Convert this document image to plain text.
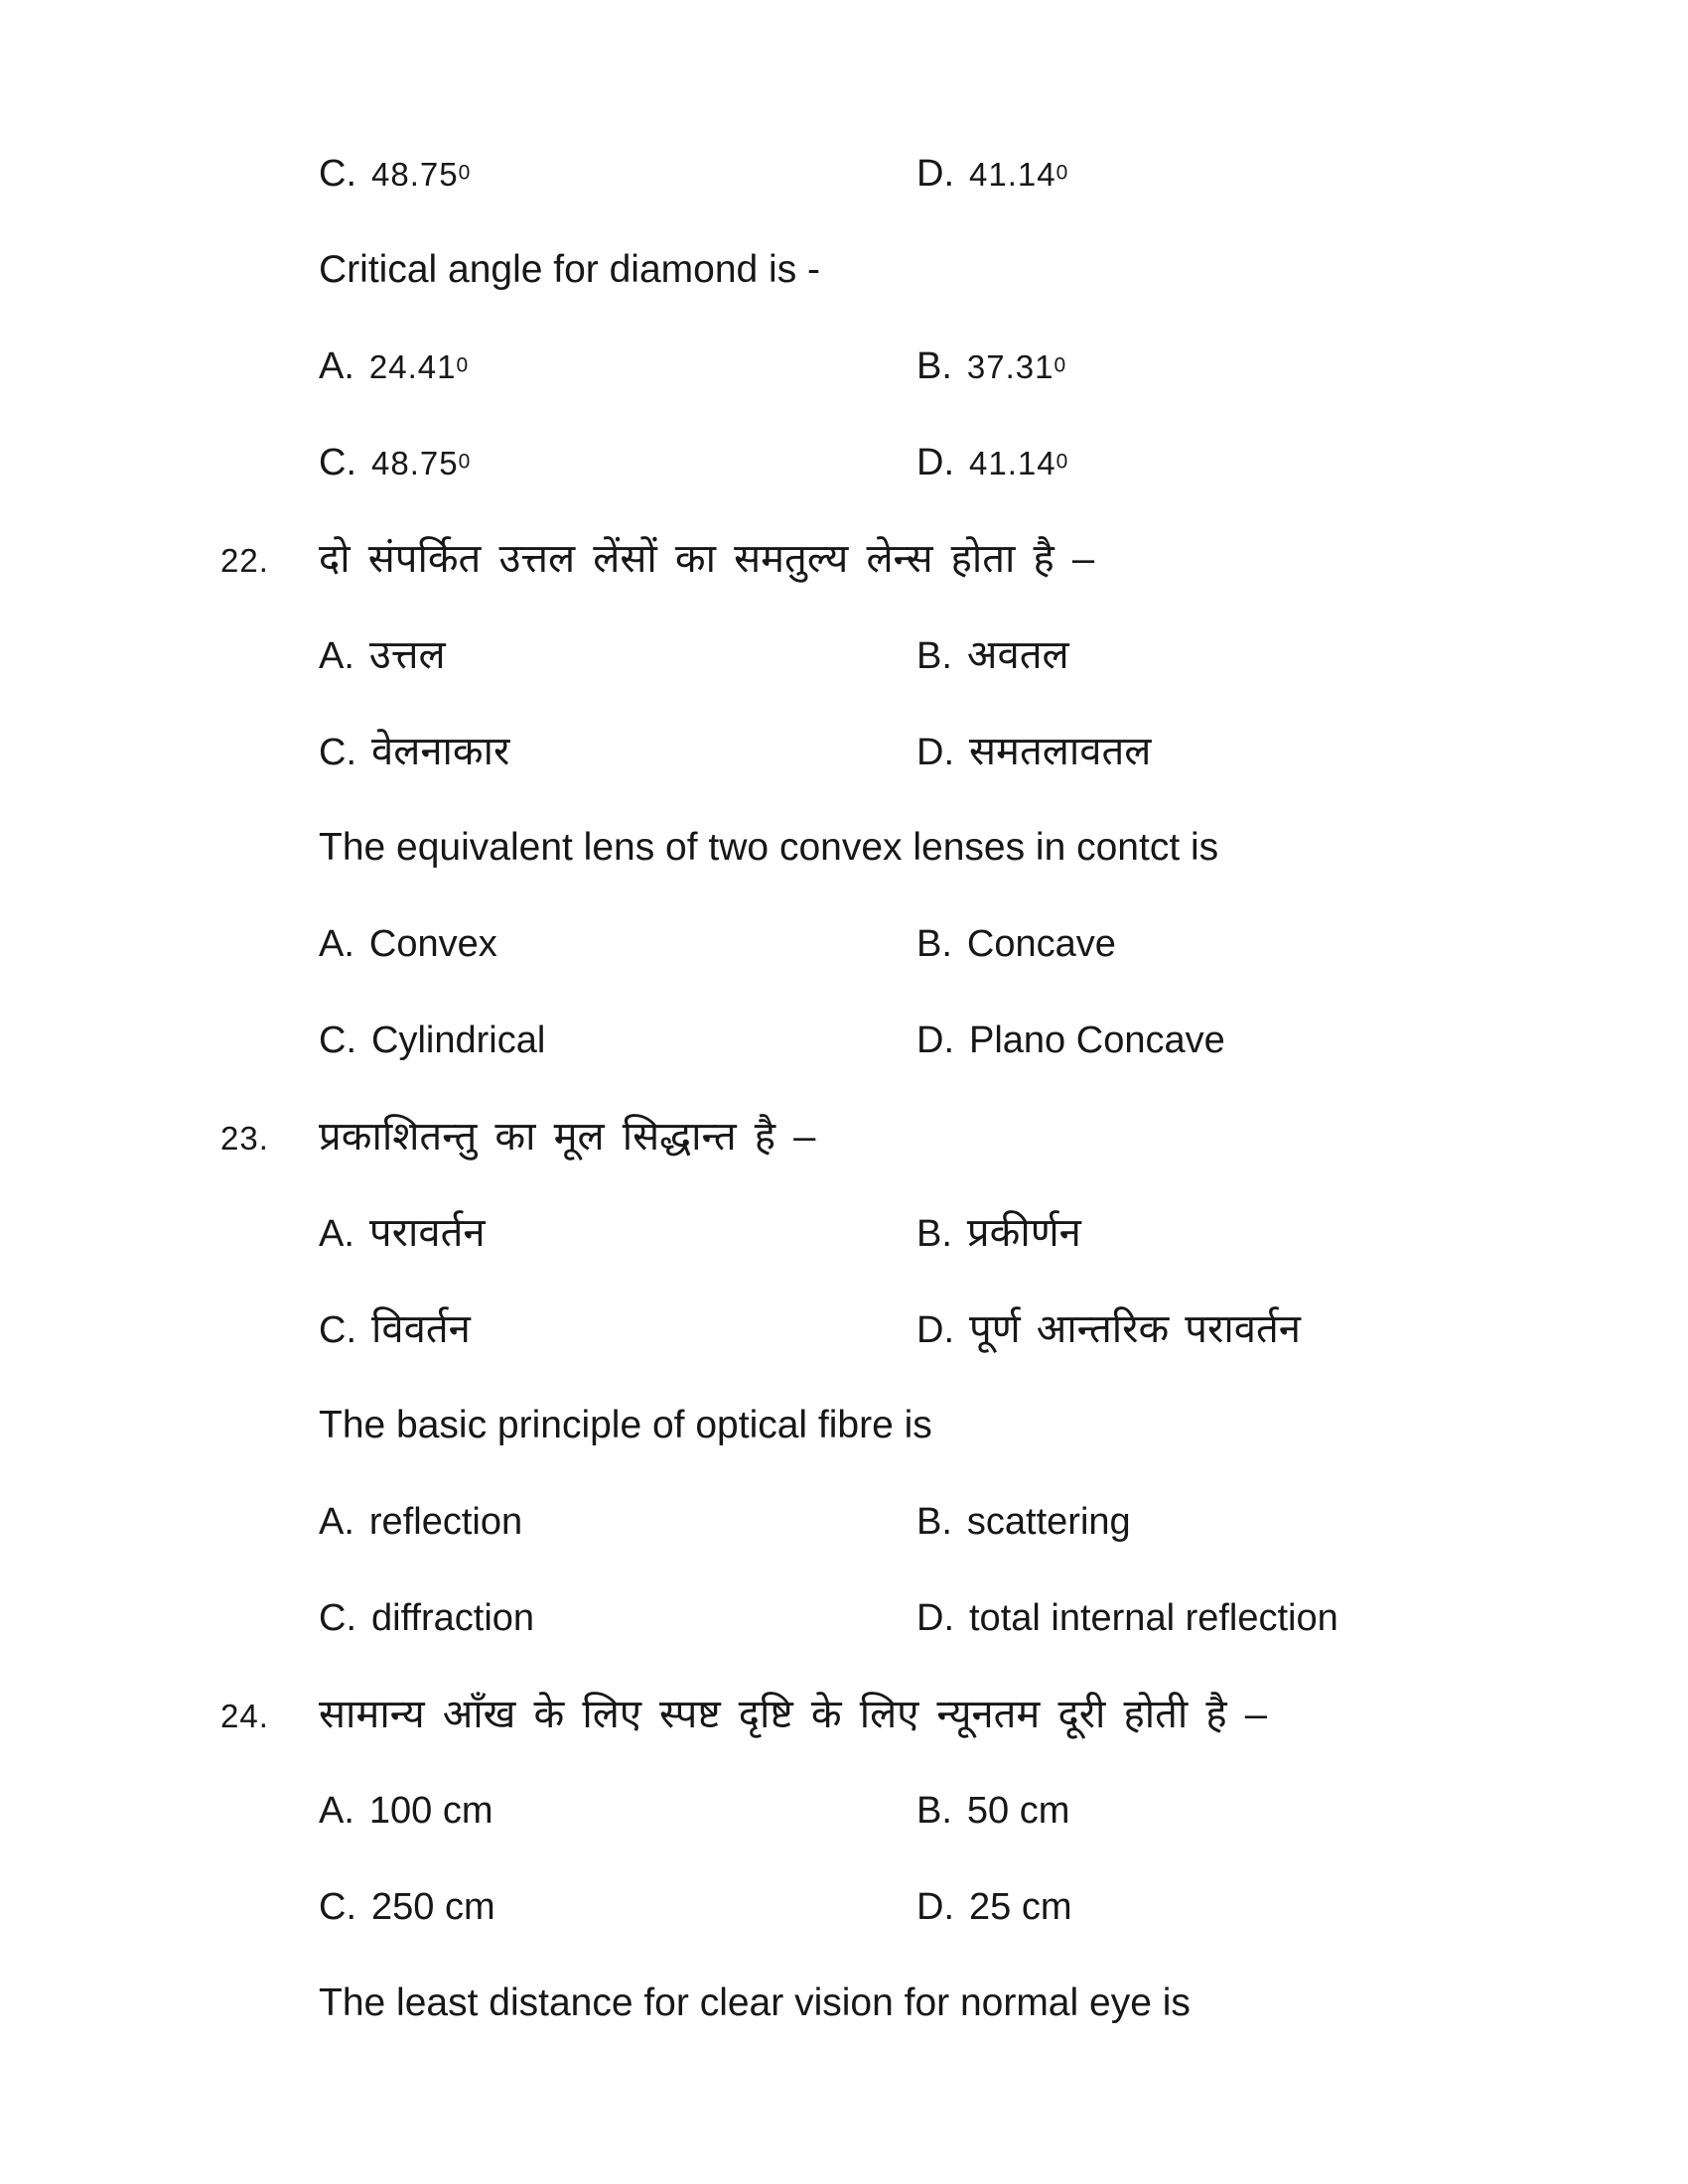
C. 48.75$^0$	D. 41.14$^0$
Critical angle for diamond is -
A. 24.41$^0$	B. 37.31$^0$
C. 48.75$^0$	D. 41.14$^0$
22. दो संपर्कित उत्तल लेंसों का समतुल्य लेन्स होता है –
A. उत्तल	B. अवतल
C. वेलनाकार	D. समतलावतल
The equivalent lens of two convex lenses in contct is
A. Convex	B. Concave
C. Cylindrical	D. Plano Concave
23. प्रकाशितन्तु का मूल सिद्धान्त है –
A. परावर्तन	B. प्रकीर्णन
C. विवर्तन	D. पूर्ण आन्तरिक परावर्तन
The basic principle of optical fibre is
A. reflection	B. scattering
C. diffraction	D. total internal reflection
24. सामान्य आँख के लिए स्पष्ट दृष्टि के लिए न्यूनतम दूरी होती है –
A. 100 cm	B. 50 cm
C. 250 cm	D. 25 cm
The least distance for clear vision for normal eye is
